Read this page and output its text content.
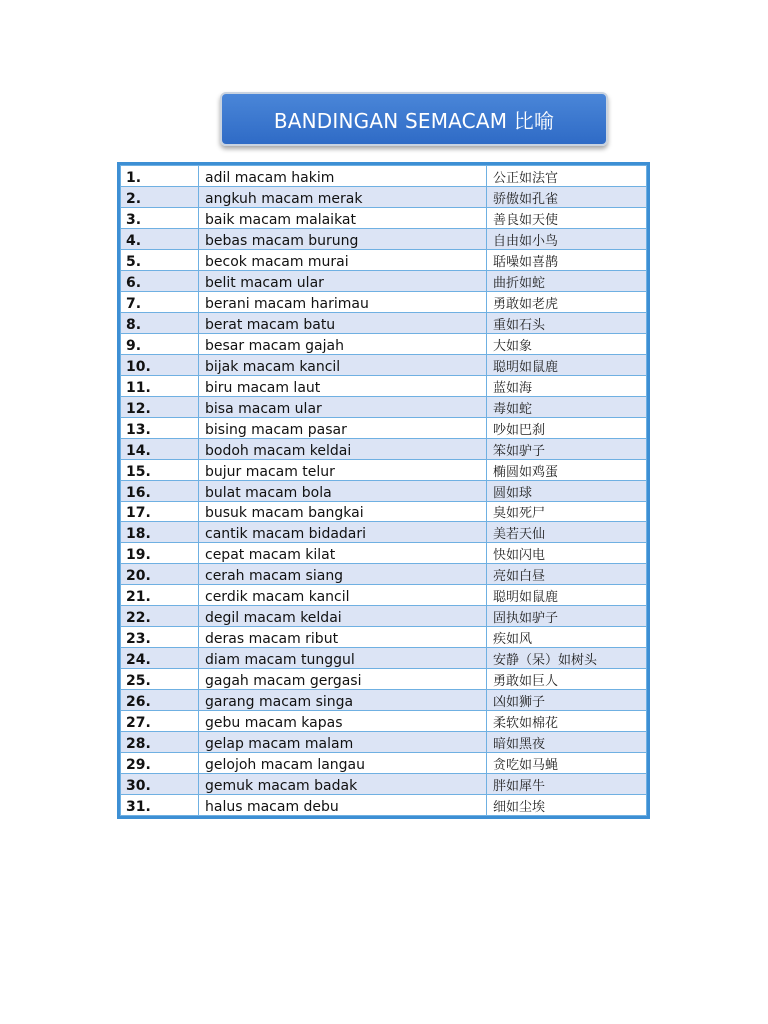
BANDINGAN SEMACAM 比喻
1.	adil macam hakim	公正如法官
2.	angkuh macam merak	骄傲如孔雀
3.	baik macam malaikat	善良如天使
4.	bebas macam burung	自由如小鸟
5.	becok macam murai	聒噪如喜鹊
6.	belit macam ular	曲折如蛇
7.	berani macam harimau	勇敢如老虎
8.	berat macam batu	重如石头
9.	besar macam gajah	大如象
10.	bijak macam kancil	聪明如鼠鹿
11.	biru macam laut	蓝如海
12.	bisa macam ular	毒如蛇
13.	bising macam pasar	吵如巴刹
14.	bodoh macam keldai	笨如驴子
15.	bujur macam telur	椭圆如鸡蛋
16.	bulat macam bola	圆如球
17.	busuk macam bangkai	臭如死尸
18.	cantik macam bidadari	美若天仙
19.	cepat macam kilat	快如闪电
20.	cerah macam siang	亮如白昼
21.	cerdik macam kancil	聪明如鼠鹿
22.	degil macam keldai	固执如驴子
23.	deras macam ribut	疾如风
24.	diam macam tunggul	安静（呆）如树头
25.	gagah macam gergasi	勇敢如巨人
26.	garang macam singa	凶如狮子
27.	gebu macam kapas	柔软如棉花
28.	gelap macam malam	暗如黑夜
29.	gelojoh macam langau	贪吃如马蝇
30.	gemuk macam badak	胖如犀牛
31.	halus macam debu	细如尘埃
